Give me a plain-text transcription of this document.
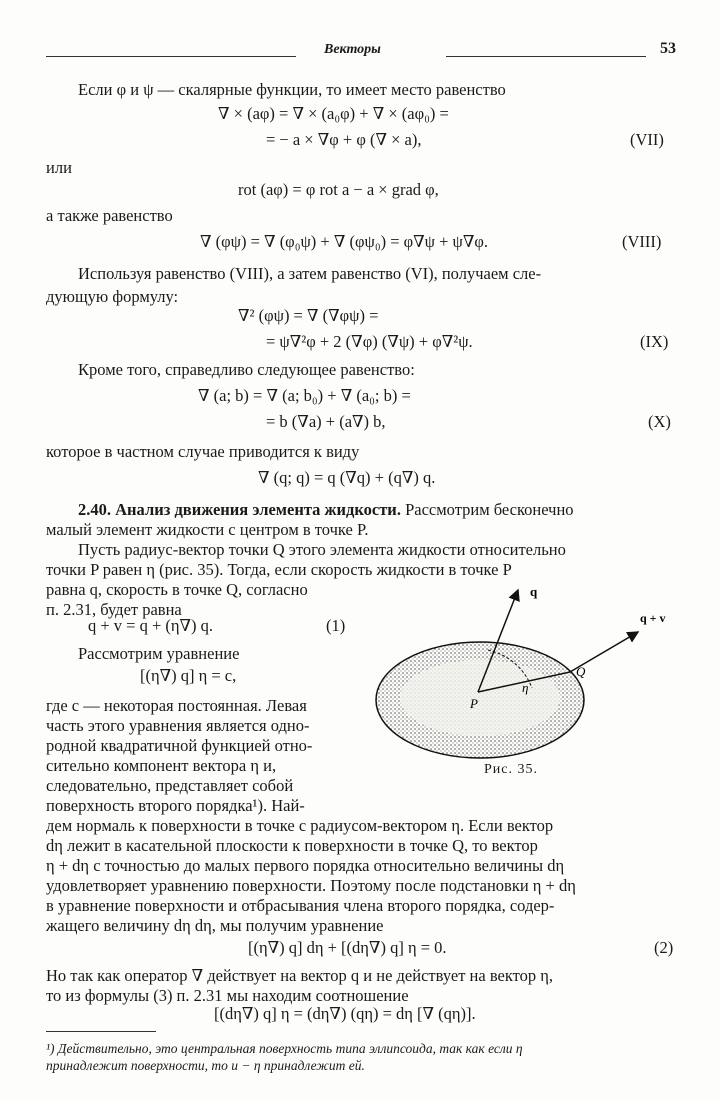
Векторы	53
Если φ и ψ — скалярные функции, то имеет место равенство
∇ × (aφ) = ∇ × (a₀φ) + ∇ × (aφ₀) =
= − a × ∇φ + φ (∇ × a),	(VII)
или
rot (aφ) = φ rot a − a × grad φ,
а также равенство
∇ (φψ) = ∇ (φ₀ψ) + ∇ (φψ₀) = φ∇ψ + ψ∇φ.	(VIII)
Используя равенство (VIII), а затем равенство (VI), получаем сле-
дующую формулу:
∇² (φψ) = ∇ (∇φψ) =
= ψ∇²φ + 2 (∇φ) (∇ψ) + φ∇²ψ.	(IX)
Кроме того, справедливо следующее равенство:
∇ (a; b) = ∇ (a; b₀) + ∇ (a₀; b) =
= b (∇a) + (a∇) b,	(X)
которое в частном случае приводится к виду
∇ (q; q) = q (∇q) + (q∇) q.
2.40. Анализ движения элемента жидкости. Рассмотрим бесконечно
малый элемент жидкости с центром в точке P.
Пусть радиус-вектор точки Q этого элемента жидкости относительно
точки P равен η (рис. 35). Тогда, если скорость жидкости в точке P
равна q, скорость в точке Q, согласно
п. 2.31, будет равна
q + v = q + (η∇) q.	(1)
Рассмотрим уравнение
[(η∇) q] η = c,
где c — некоторая постоянная. Левая
часть этого уравнения является одно-
родной квадратичной функцией отно-
сительно компонент вектора η и,
следовательно, представляет собой
поверхность второго порядка¹). Най-
дем нормаль к поверхности в точке с радиусом-вектором η. Если вектор
dη лежит в касательной плоскости к поверхности в точке Q, то вектор
η + dη с точностью до малых первого порядка относительно величины dη
удовлетворяет уравнению поверхности. Поэтому после подстановки η + dη
в уравнение поверхности и отбрасывания члена второго порядка, содер-
жащего величину dη dη, мы получим уравнение
[(η∇) q] dη + [(dη∇) q] η = 0.	(2)
Но так как оператор ∇ действует на вектор q и не действует на вектор η,
то из формулы (3) п. 2.31 мы находим соотношение
[(dη∇) q] η = (dη∇) (qη) = dη [∇ (qη)].
¹) Действительно, это центральная поверхность типа эллипсоида, так как если η
принадлежит поверхности, то и − η принадлежит ей.
q
q + v
P
Q
η
Рис. 35.
